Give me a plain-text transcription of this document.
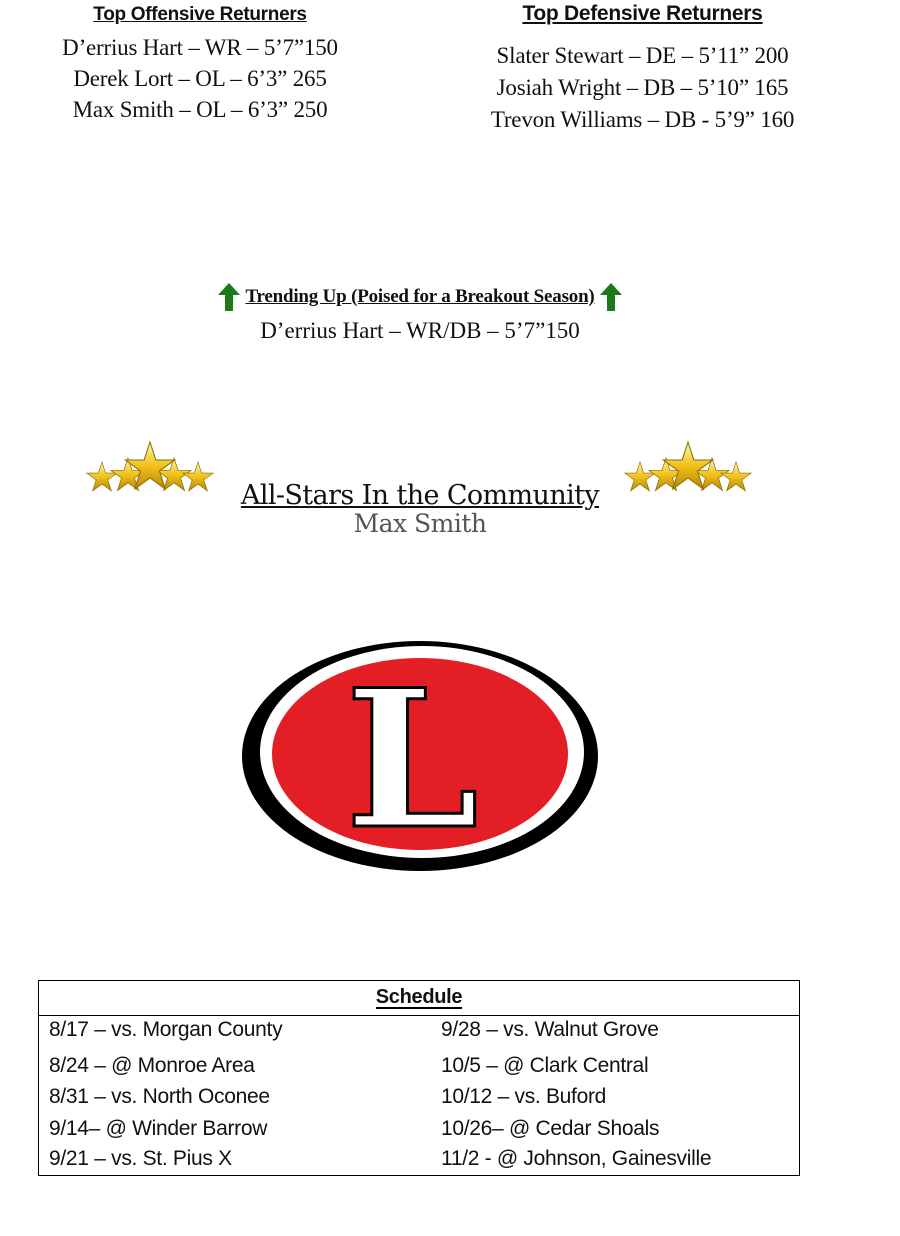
Top Offensive Returners
D’errius Hart – WR – 5’7”150
Derek Lort – OL – 6’3” 265
Max Smith – OL – 6’3” 250
Top Defensive Returners
Slater Stewart – DE – 5’11” 200
Josiah Wright – DB – 5’10” 165
Trevon Williams – DB - 5’9” 160
Trending Up (Poised for a Breakout Season)
D’errius Hart – WR/DB – 5’7”150
All-Stars In the Community
Max Smith
L
Schedule
8/17 – vs. Morgan County	9/28 – vs. Walnut Grove
8/24 – @ Monroe Area	10/5 – @ Clark Central
8/31 – vs. North Oconee	10/12 – vs. Buford
9/14– @ Winder Barrow	10/26– @ Cedar Shoals
9/21 – vs. St. Pius X	11/2 - @ Johnson, Gainesville
